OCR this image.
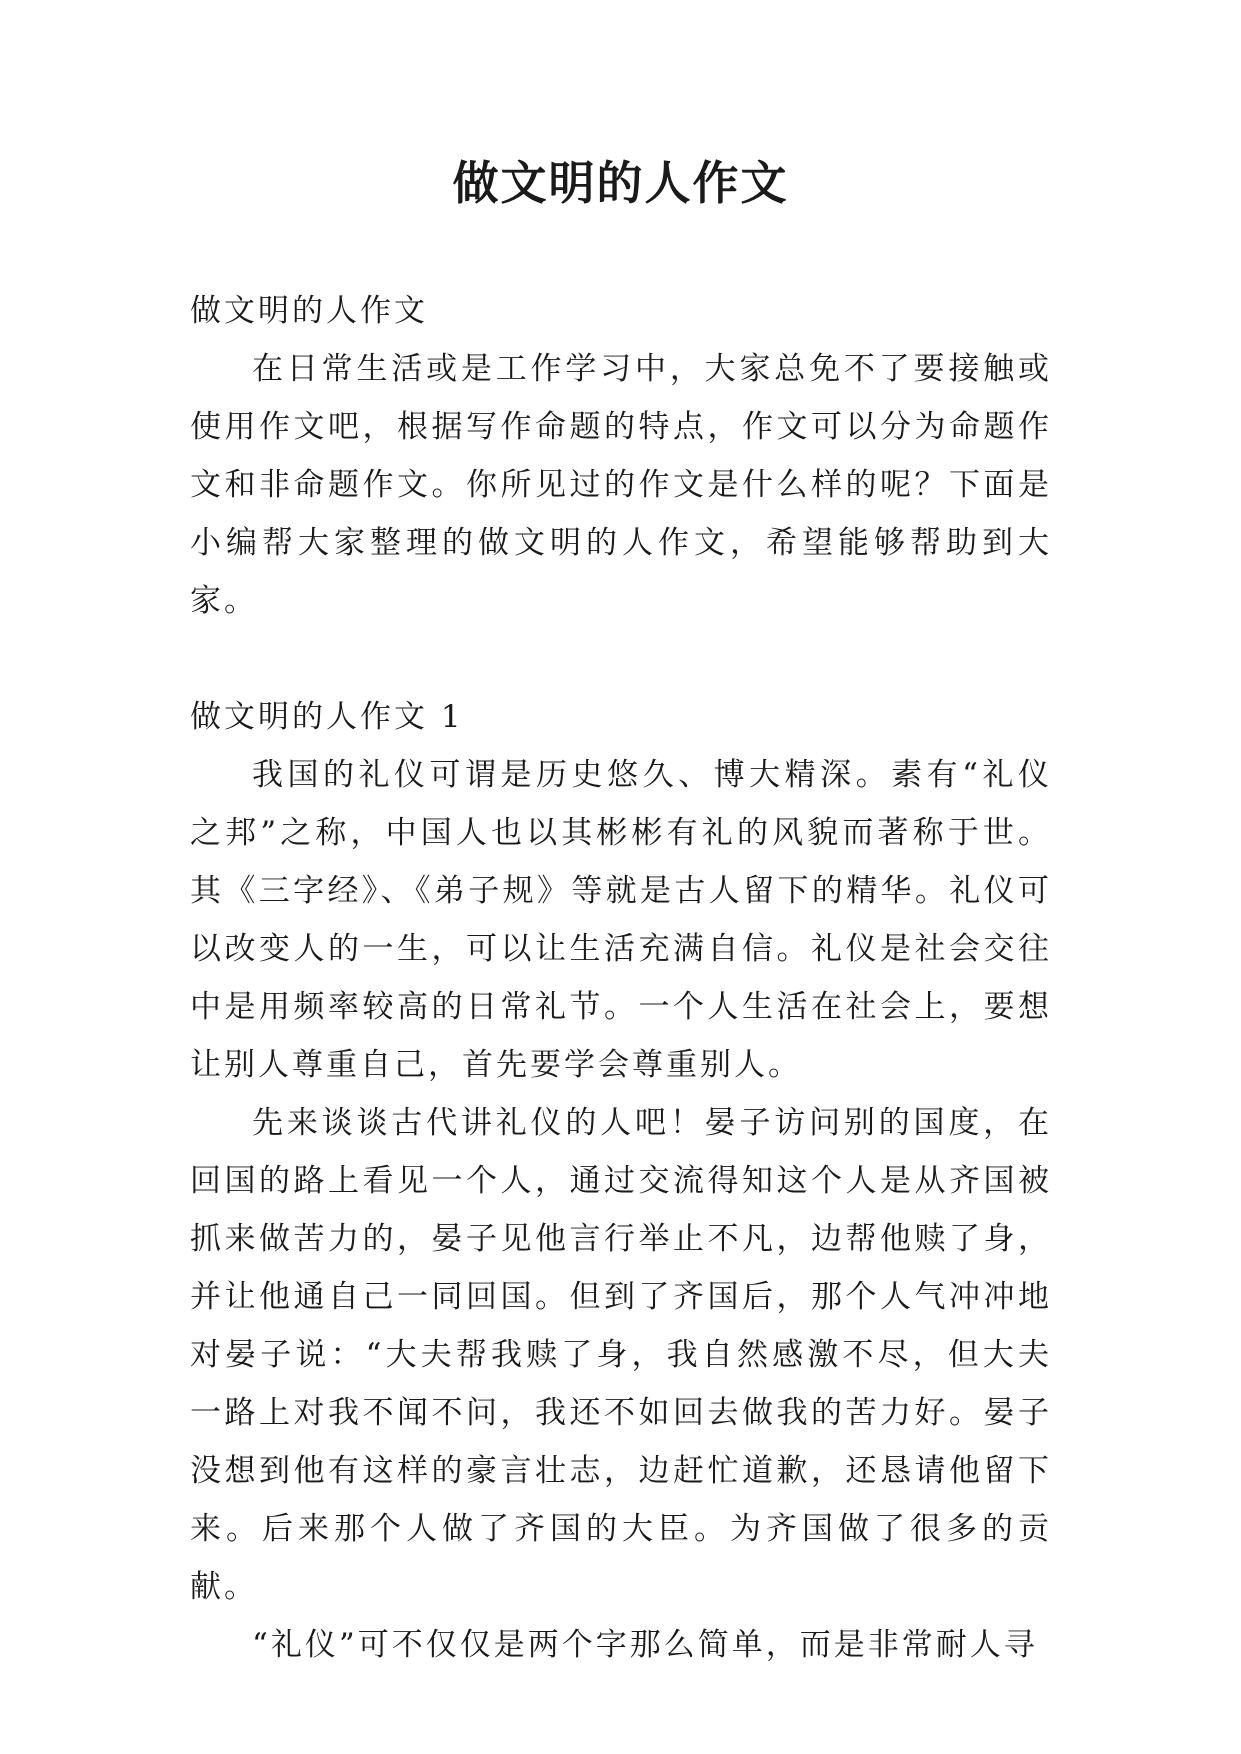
做文明的人作文

做文明的人作文

在日常生活或是工作学习中，大家总免不了要接触或使用作文吧，根据写作命题的特点，作文可以分为命题作文和非命题作文。你所见过的作文是什么样的呢？下面是小编帮大家整理的做文明的人作文，希望能够帮助到大家。

做文明的人作文 1

我国的礼仪可谓是历史悠久、博大精深。素有“礼仪之邦”之称，中国人也以其彬彬有礼的风貌而著称于世。其《三字经》、《弟子规》等就是古人留下的精华。礼仪可以改变人的一生，可以让生活充满自信。礼仪是社会交往中是用频率较高的日常礼节。一个人生活在社会上，要想让别人尊重自己，首先要学会尊重别人。

先来谈谈古代讲礼仪的人吧！晏子访问别的国度，在回国的路上看见一个人，通过交流得知这个人是从齐国被抓来做苦力的，晏子见他言行举止不凡，边帮他赎了身，并让他通自己一同回国。但到了齐国后，那个人气冲冲地对晏子说：“大夫帮我赎了身，我自然感激不尽，但大夫一路上对我不闻不问，我还不如回去做我的苦力好。晏子没想到他有这样的豪言壮志，边赶忙道歉，还恳请他留下来。后来那个人做了齐国的大臣。为齐国做了很多的贡献。

“礼仪”可不仅仅是两个字那么简单，而是非常耐人寻
